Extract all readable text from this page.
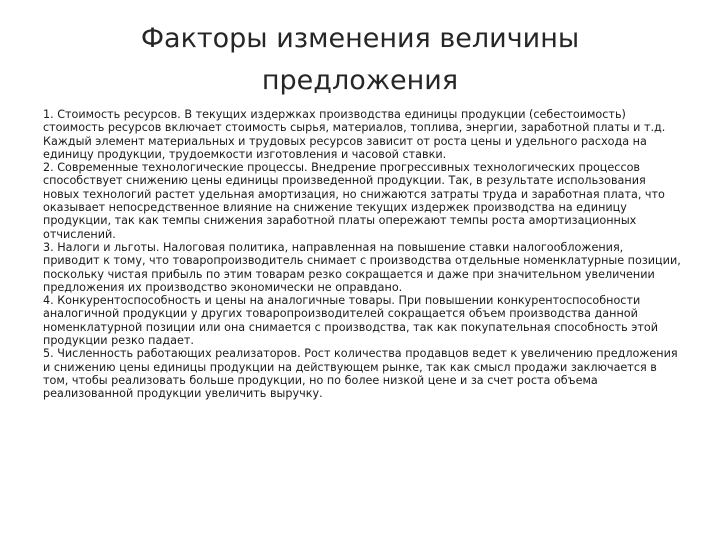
Факторы изменения величины
предложения

1. Стоимость ресурсов. В текущих издержках производства единицы продукции (себестоимость) стоимость ресурсов включает стоимость сырья, материалов, топлива, энергии, заработной платы и т.д. Каждый элемент материальных и трудовых ресурсов зависит от роста цены и удельного расхода на единицу продукции, трудоемкости изготовления и часовой ставки.

2. Современные технологические процессы. Внедрение прогрессивных технологических процессов способствует снижению цены единицы произведенной продукции. Так, в результате использования новых технологий растет удельная амортизация, но снижаются затраты труда и заработная плата, что оказывает непосредственное влияние на снижение текущих издержек производства на единицу продукции, так как темпы снижения заработной платы опережают темпы роста амортизационных отчислений.

3. Налоги и льготы. Налоговая политика, направленная на повышение ставки налогообложения, приводит к тому, что товаропроизводитель снимает с производства отдельные номенклатурные позиции, поскольку чистая прибыль по этим товарам резко сокращается и даже при значительном увеличении предложения их производство экономически не оправдано.

4. Конкурентоспособность и цены на аналогичные товары. При повышении конкурентоспособности аналогичной продукции у других товаропроизводителей сокращается объем производства данной номенклатурной позиции или она снимается с производства, так как покупательная способность этой продукции резко падает.

5. Численность работающих реализаторов. Рост количества продавцов ведет к увеличению предложения и снижению цены единицы продукции на действующем рынке, так как смысл продажи заключается в том, чтобы реализовать больше продукции, но по более низкой цене и за счет роста объема реализованной продукции увеличить выручку.
